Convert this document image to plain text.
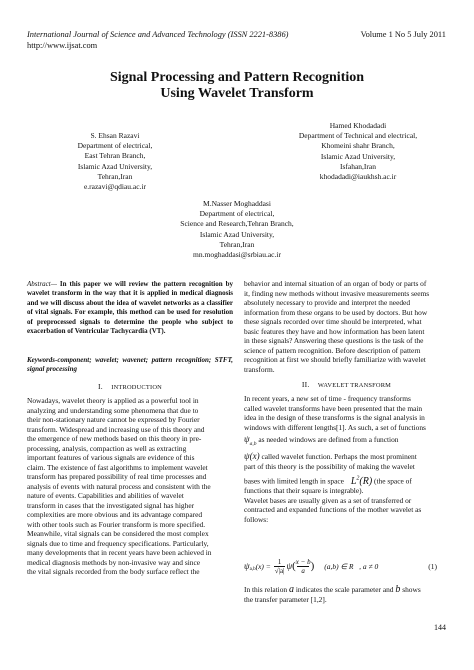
International Journal of Science and Advanced Technology (ISSN 2221-8386)	Volume 1 No 5 July 2011
http://www.ijsat.com
Signal Processing and Pattern Recognition
Using Wavelet Transform
S. Ehsan Razavi
Department of electrical,
East Tehran Branch,
Islamic Azad University,
Tehran,Iran
e.razavi@qdiau.ac.ir
Hamed Khodadadi
Department of Technical and electrical,
Khomeini shahr Branch,
Islamic Azad University,
Isfahan,Iran
khodadadi@iaukhsh.ac.ir
M.Nasser Moghaddasi
Department of electrical,
Science and Research,Tehran Branch,
Islamic Azad University,
Tehran,Iran
mn.moghaddasi@srbiau.ac.ir
Abstract— In this paper we will review the pattern recognition by wavelet transform in the way that it is applied in medical diagnosis and we will discuss about the idea of wavelet networks as a classifier of vital signals. For example, this method can be used for resolution of preprocessed signals to determine the people who subject to exacerbation of Ventricular Tachycardia (VT).
Keywords-component; wavelet; wavenet; pattern recognition; STFT, signal processing
I. INTRODUCTION
Nowadays, wavelet theory is applied as a powerful tool in
analyzing and understanding some phenomena that due to
their non-stationary nature cannot be expressed by Fourier
transform. Widespread and increasing use of this theory and
the emergence of new methods based on this theory in pre-
processing, analysis, compaction as well as extracting
important features of various signals are evidence of this
claim. The existence of fast algorithms to implement wavelet
transform has prepared possibility of real time processes and
analysis of events with natural process and consistent with the
nature of events. Capabilities and abilities of wavelet
transform in cases that the investigated signal has higher
complexities are more obvious and its advantage compared
with other tools such as Fourier transform is more specified.
Meanwhile, vital signals can be considered the most complex
signals due to time and frequency specifications. Particularly,
many developments that in recent years have been achieved in
medical diagnosis methods by non-invasive way and since
the vital signals recorded from the body surface reflect the
behavior and internal situation of an organ of body or parts of
it, finding new methods without invasive measurements seems
absolutely necessary to provide and interpret the needed
information from these organs to be used by doctors. But how
these signals recorded over time should be interpreted, what
basic features they have and how information has been latent
in these signals? Answering these questions is the task of the
science of pattern recognition. Before description of pattern
recognition at first we should briefly familiarize with wavelet
transform.
II. WAVELET TRANSFORM
In recent years, a new set of time - frequency transforms
called wavelet transforms have been presented that the main
idea in the design of these transforms is the signal analysis in
windows with different lengths[1]. As such, a set of functions
$\psi_{a,b}$ as needed windows are defined from a function
ψ(x) called wavelet function. Perhaps the most prominent
part of this theory is the possibility of making the wavelet
bases with limited length in space   $L^2(R)$ (the space of
functions that their square is integrable).
Wavelet bases are usually given as a set of transferred or
contracted and expanded functions of the mother wavelet as
follows:
$\psi_{a,b}$ $(x) = \frac{1}{√|a|}$ ψ ( $\frac{x - b}{a}$ ) (a,b) ∈ R   , a ≠ 0	(1)
In this relation a indicates the scale parameter and b shows
the transfer parameter [1,2].
144
